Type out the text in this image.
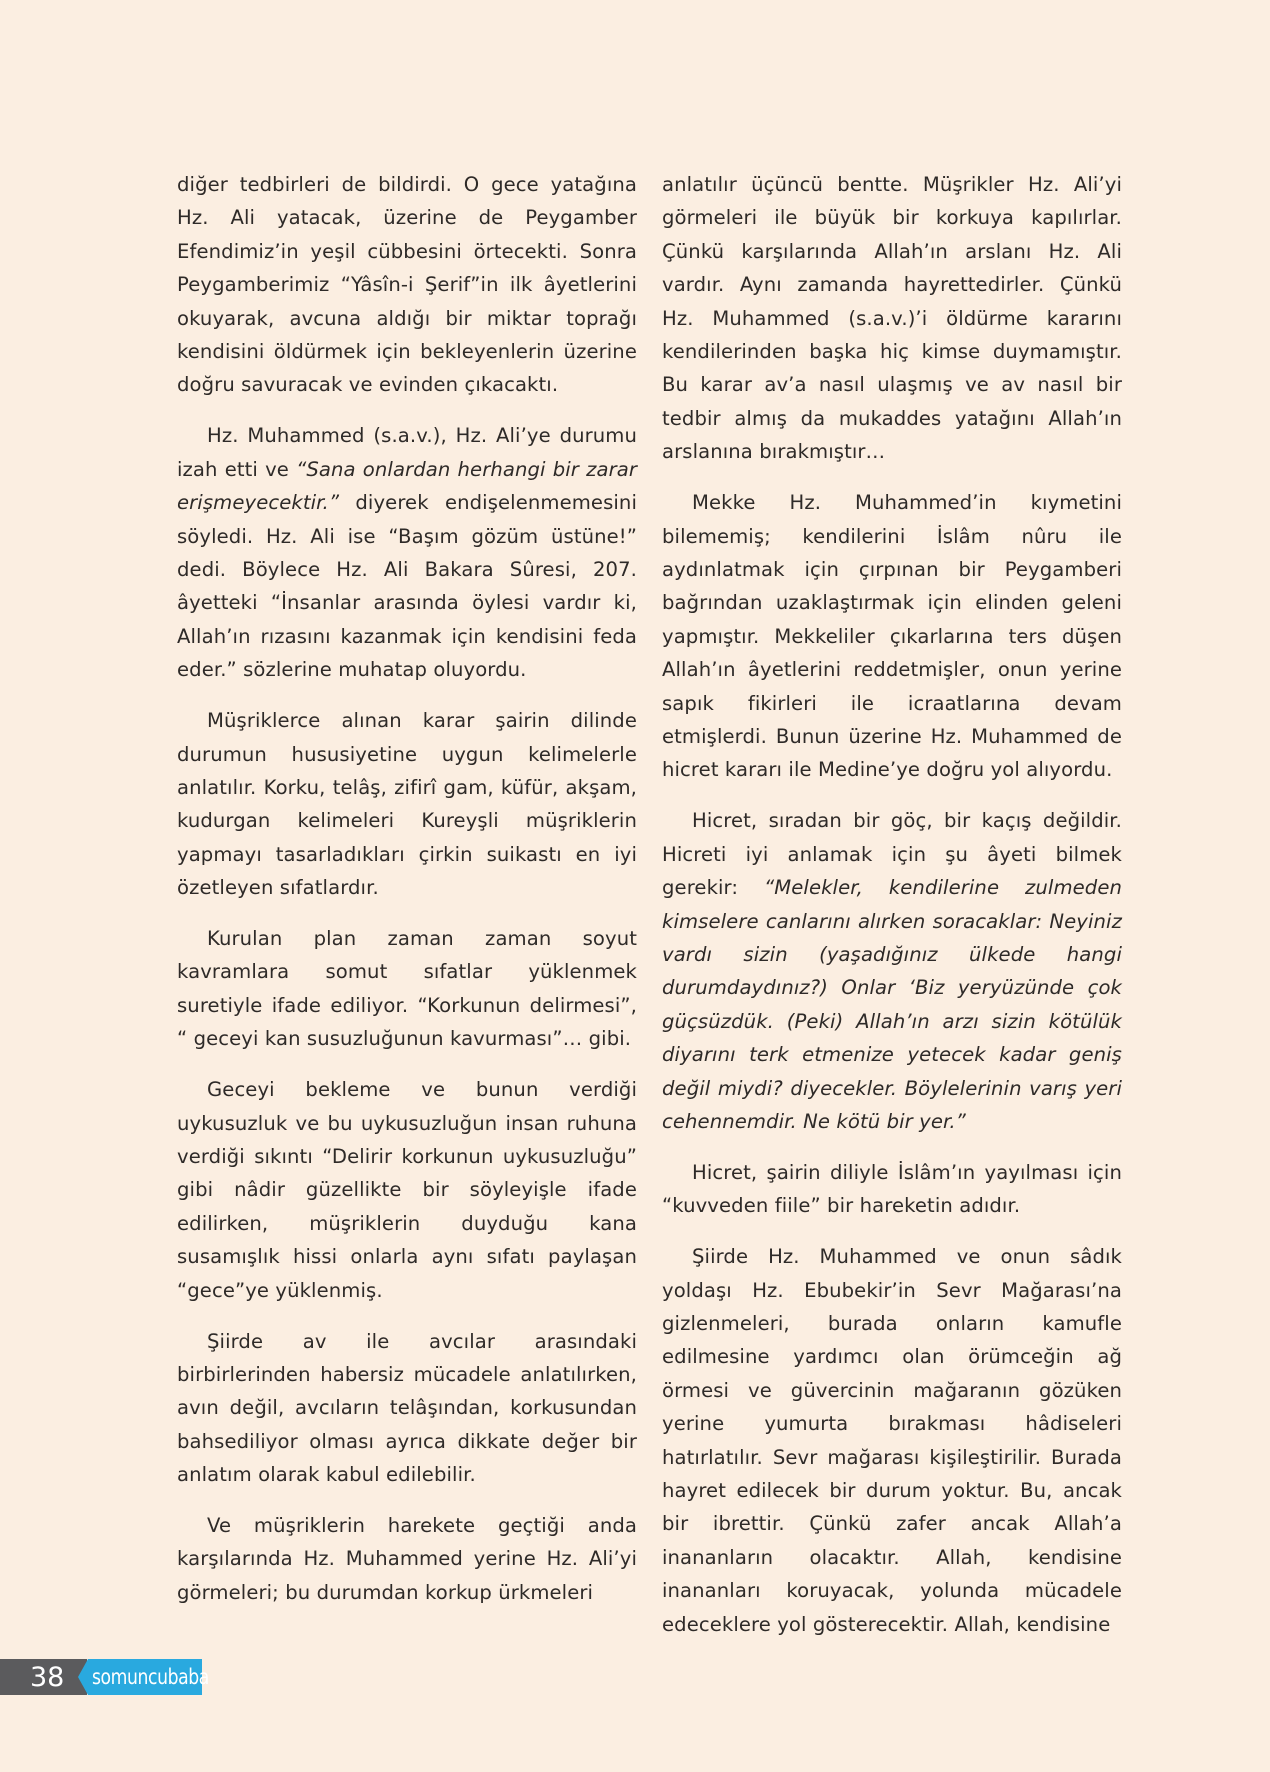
diğer tedbirleri de bildirdi. O gece yatağına Hz. Ali yatacak, üzerine de Peygamber Efendimiz’in yeşil cübbesini örtecekti. Sonra Peygamberimiz “Yâsîn-i Şerif”in ilk âyetlerini okuyarak, avcuna aldığı bir miktar toprağı kendisini öldürmek için bekleyenlerin üzerine doğru savuracak ve evinden çıkacaktı.

Hz. Muhammed (s.a.v.), Hz. Ali’ye durumu izah etti ve “Sana onlardan herhangi bir zarar erişmeyecektir.” diyerek endişelenmemesini söyledi. Hz. Ali ise “Başım gözüm üstüne!” dedi. Böylece Hz. Ali Bakara Sûresi, 207. âyetteki “İnsanlar arasında öylesi vardır ki, Allah’ın rızasını kazanmak için kendisini feda eder.” sözlerine muhatap oluyordu.

Müşriklerce alınan karar şairin dilinde durumun hususiyetine uygun kelimelerle anlatılır. Korku, telâş, zifirî gam, küfür, akşam, kudurgan kelimeleri Kureyşli müşriklerin yapmayı tasarladıkları çirkin suikastı en iyi özetleyen sıfatlardır.

Kurulan plan zaman zaman soyut kavramlara somut sıfatlar yüklenmek suretiyle ifade ediliyor. “Korkunun delirmesi”, “ geceyi kan susuzluğunun kavurması”… gibi.

Geceyi bekleme ve bunun verdiği uykusuzluk ve bu uykusuzluğun insan ruhuna verdiği sıkıntı “Delirir korkunun uykusuzluğu” gibi nâdir güzellikte bir söyleyişle ifade edilirken, müşriklerin duyduğu kana susamışlık hissi onlarla aynı sıfatı paylaşan “gece”ye yüklenmiş.

Şiirde av ile avcılar arasındaki birbirlerinden habersiz mücadele anlatılırken, avın değil, avcıların telâşından, korkusundan bahsediliyor olması ayrıca dikkate değer bir anlatım olarak kabul edilebilir.

Ve müşriklerin harekete geçtiği anda karşılarında Hz. Muhammed yerine Hz. Ali’yi görmeleri; bu durumdan korkup ürkmeleri

anlatılır üçüncü bentte. Müşrikler Hz. Ali’yi görmeleri ile büyük bir korkuya kapılırlar. Çünkü karşılarında Allah’ın arslanı Hz. Ali vardır. Aynı zamanda hayrettedirler. Çünkü Hz. Muhammed (s.a.v.)’i öldürme kararını kendilerinden başka hiç kimse duymamıştır. Bu karar av’a nasıl ulaşmış ve av nasıl bir tedbir almış da mukaddes yatağını Allah’ın arslanına bırakmıştır…

Mekke Hz. Muhammed’in kıymetini bilememiş; kendilerini İslâm nûru ile aydınlatmak için çırpınan bir Peygamberi bağrından uzaklaştırmak için elinden geleni yapmıştır. Mekkeliler çıkarlarına ters düşen Allah’ın âyetlerini reddetmişler, onun yerine sapık fikirleri ile icraatlarına devam etmişlerdi. Bunun üzerine Hz. Muhammed de hicret kararı ile Medine’ye doğru yol alıyordu.

Hicret, sıradan bir göç, bir kaçış değildir. Hicreti iyi anlamak için şu âyeti bilmek gerekir: “Melekler, kendilerine zulmeden kimselere canlarını alırken soracaklar: Neyiniz vardı sizin (yaşadığınız ülkede hangi durumdaydınız?) Onlar ‘Biz yeryüzünde çok güçsüzdük. (Peki) Allah’ın arzı sizin kötülük diyarını terk etmenize yetecek kadar geniş değil miydi? diyecekler. Böylelerinin varış yeri cehennemdir. Ne kötü bir yer.”

Hicret, şairin diliyle İslâm’ın yayılması için “kuvveden fiile” bir hareketin adıdır.

Şiirde Hz. Muhammed ve onun sâdık yoldaşı Hz. Ebubekir’in Sevr Mağarası’na gizlenmeleri, burada onların kamufle edilmesine yardımcı olan örümceğin ağ örmesi ve güvercinin mağaranın gözüken yerine yumurta bırakması hâdiseleri hatırlatılır. Sevr mağarası kişileştirilir. Burada hayret edilecek bir durum yoktur. Bu, ancak bir ibrettir. Çünkü zafer ancak Allah’a inananların olacaktır. Allah, kendisine inananları koruyacak, yolunda mücadele edeceklere yol gösterecektir. Allah, kendisine

38 somuncubaba
